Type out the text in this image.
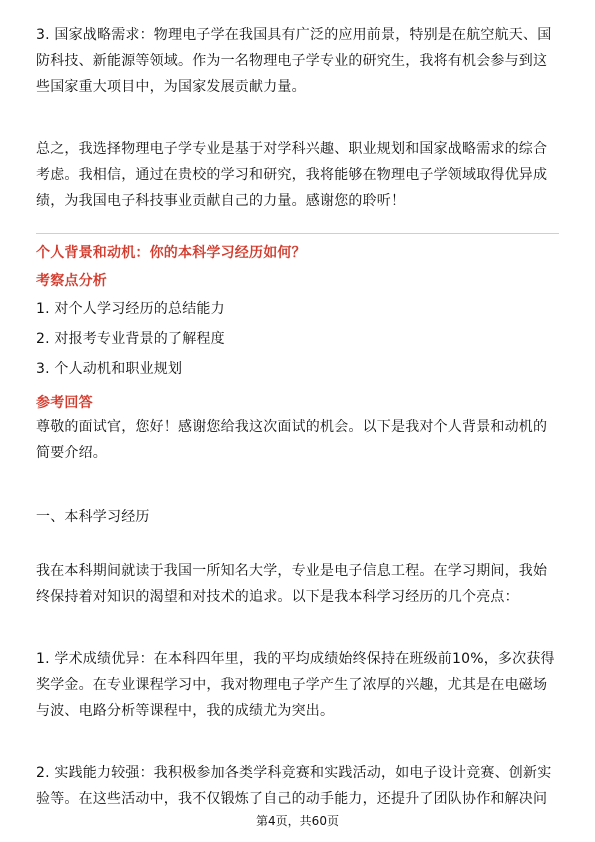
3. 国家战略需求：物理电子学在我国具有广泛的应用前景，特别是在航空航天、国
防科技、新能源等领域。作为一名物理电子学专业的研究生，我将有机会参与到这
些国家重大项目中，为国家发展贡献力量。
总之，我选择物理电子学专业是基于对学科兴趣、职业规划和国家战略需求的综合
考虑。我相信，通过在贵校的学习和研究，我将能够在物理电子学领域取得优异成
绩，为我国电子科技事业贡献自己的力量。感谢您的聆听！
个人背景和动机：你的本科学习经历如何？
考察点分析
1. 对个人学习经历的总结能力
2. 对报考专业背景的了解程度
3. 个人动机和职业规划
参考回答
尊敬的面试官，您好！感谢您给我这次面试的机会。以下是我对个人背景和动机的
简要介绍。
一、本科学习经历
我在本科期间就读于我国一所知名大学，专业是电子信息工程。在学习期间，我始
终保持着对知识的渴望和对技术的追求。以下是我本科学习经历的几个亮点：
1. 学术成绩优异：在本科四年里，我的平均成绩始终保持在班级前10%，多次获得
奖学金。在专业课程学习中，我对物理电子学产生了浓厚的兴趣，尤其是在电磁场
与波、电路分析等课程中，我的成绩尤为突出。
2. 实践能力较强：我积极参加各类学科竞赛和实践活动，如电子设计竞赛、创新实
验等。在这些活动中，我不仅锻炼了自己的动手能力，还提升了团队协作和解决问
第4页，共60页
